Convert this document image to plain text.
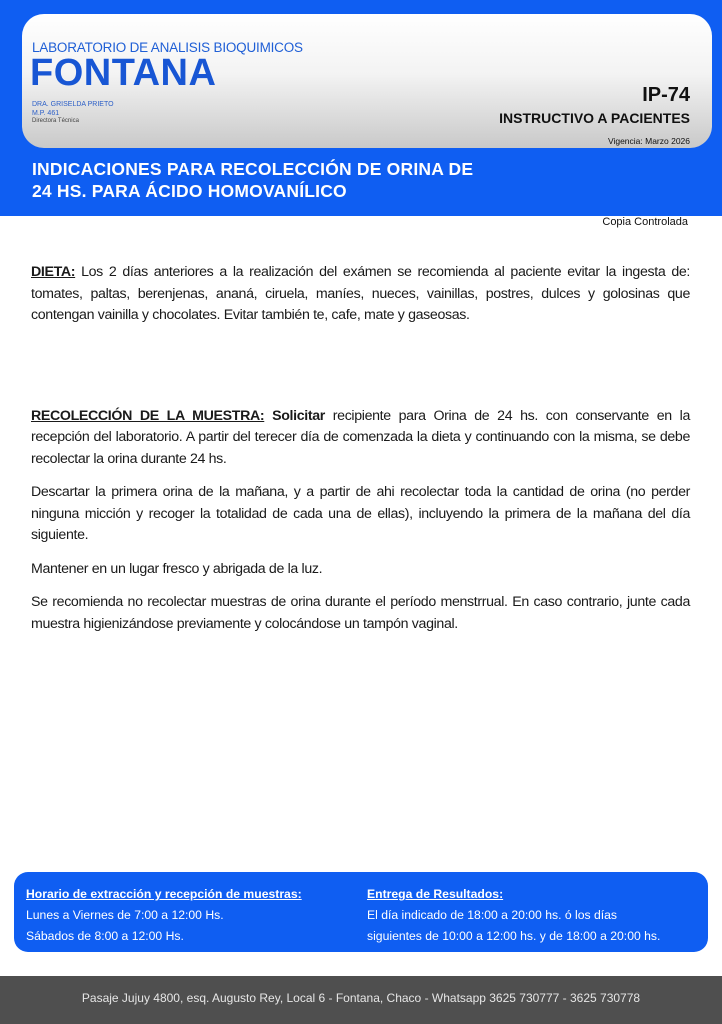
LABORATORIO DE ANALISIS BIOQUIMICOS
FONTANA
DRA. GRISELDA PRIETO
M.P. 461
Directora Técnica
IP-74
INSTRUCTIVO A PACIENTES
Vigencia: Marzo 2026
INDICACIONES PARA RECOLECCIÓN DE ORINA DE
24 HS. PARA ÁCIDO HOMOVANÍLICO
Copia Controlada

DIETA: Los 2 días anteriores a la realización del exámen se recomienda al paciente evitar la ingesta de: tomates, paltas, berenjenas, ananá, ciruela, maníes, nueces, vainillas, postres, dulces y golosinas que contengan vainilla y chocolates. Evitar también te, cafe, mate y gaseosas.

RECOLECCIÓN DE LA MUESTRA: Solicitar recipiente para Orina de 24 hs. con conservante en la recepción del laboratorio. A partir del terecer día de comenzada la dieta y continuando con la misma, se debe recolectar la orina durante 24 hs.

Descartar la primera orina de la mañana, y a partir de ahi recolectar toda la cantidad de orina (no perder ninguna micción y recoger la totalidad de cada una de ellas), incluyendo la primera de la mañana del día siguiente.

Mantener en un lugar fresco y abrigada de la luz.

Se recomienda no recolectar muestras de orina durante el período menstrrual. En caso contrario, junte cada muestra higienizándose previamente y colocándose un tampón vaginal.

Horario de extracción y recepción de muestras:
Lunes a Viernes de 7:00 a 12:00 Hs.
Sábados de 8:00 a 12:00 Hs.
Entrega de Resultados:
El día indicado de 18:00 a 20:00 hs. ó los días
siguientes de 10:00 a 12:00 hs. y de 18:00 a 20:00 hs.
Pasaje Jujuy 4800, esq. Augusto Rey, Local 6 - Fontana, Chaco - Whatsapp 3625 730777 - 3625 730778
